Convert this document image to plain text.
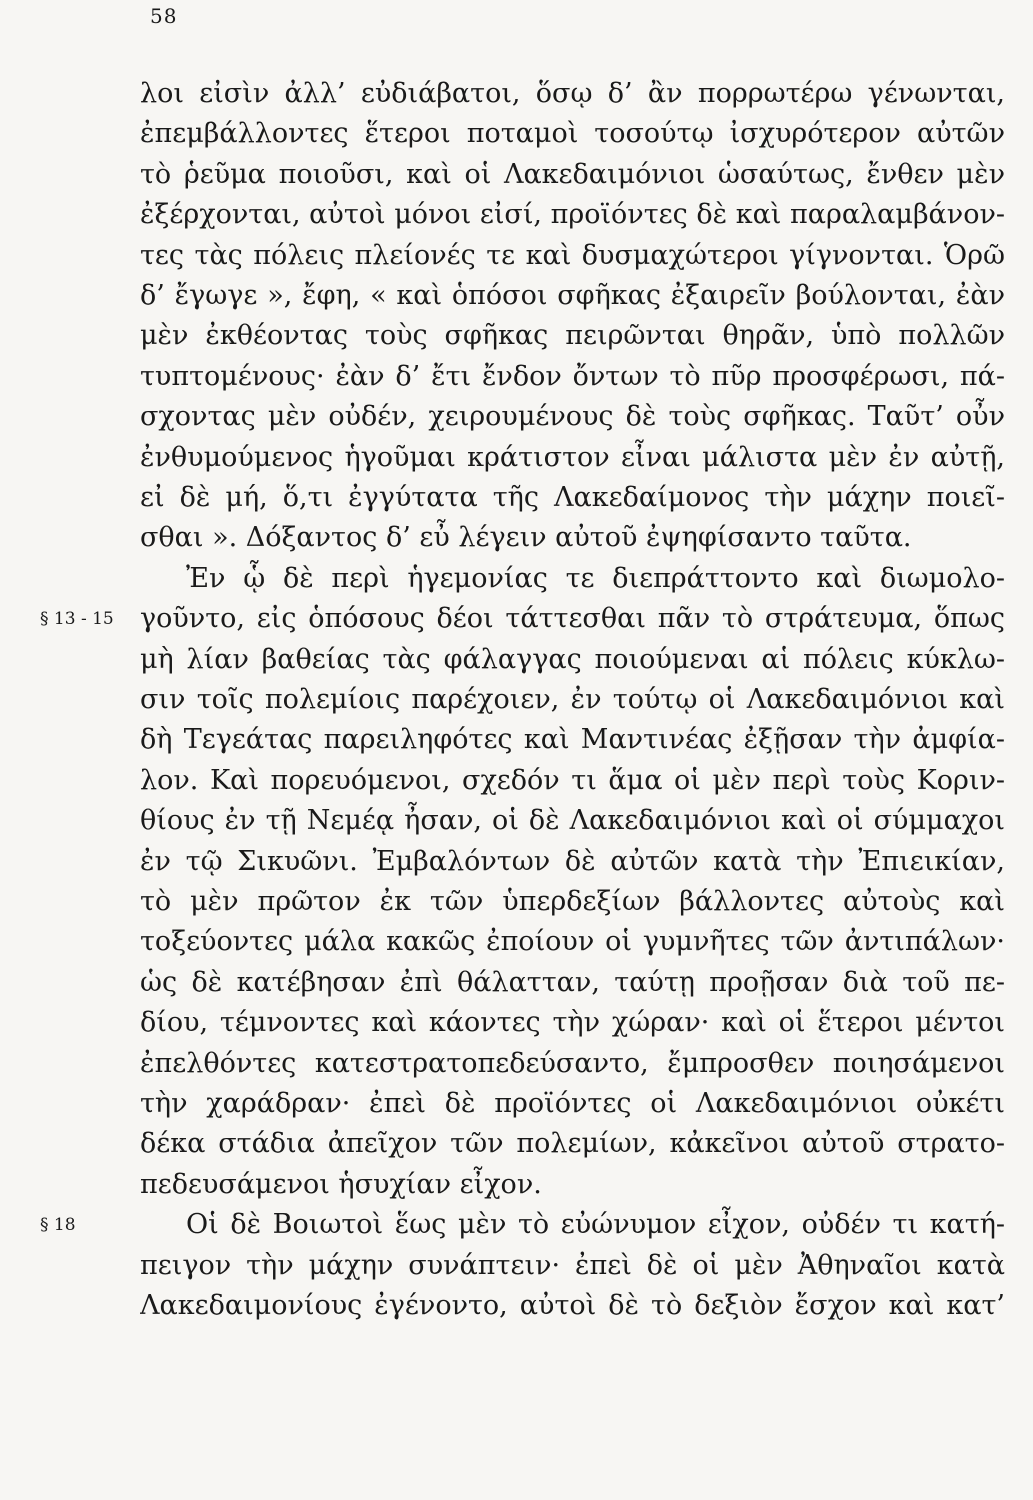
58
λοι εἰσὶν ἀλλ’ εὐδιάβατοι, ὅσῳ δ’ ἂν πορρωτέρω γένωνται,
ἐπεμβάλλοντες ἕτεροι ποταμοὶ τοσούτῳ ἰσχυρότερον αὐτῶν
τὸ ῥεῦμα ποιοῦσι, καὶ οἱ Λακεδαιμόνιοι ὡσαύτως, ἔνθεν μὲν
ἐξέρχονται, αὐτοὶ μόνοι εἰσί, προϊόντες δὲ καὶ παραλαμβάνον-
τες τὰς πόλεις πλείονές τε καὶ δυσμαχώτεροι γίγνονται. Ὁρῶ
δ’ ἔγωγε », ἔφη, « καὶ ὁπόσοι σφῆκας ἐξαιρεῖν βούλονται, ἐὰν
μὲν ἐκθέοντας τοὺς σφῆκας πειρῶνται θηρᾶν, ὑπὸ πολλῶν
τυπτομένους· ἐὰν δ’ ἔτι ἔνδον ὄντων τὸ πῦρ προσφέρωσι, πά-
σχοντας μὲν οὐδέν, χειρουμένους δὲ τοὺς σφῆκας. Ταῦτ’ οὖν
ἐνθυμούμενος ἡγοῦμαι κράτιστον εἶναι μάλιστα μὲν ἐν αὐτῇ,
εἰ δὲ μή, ὅ,τι ἐγγύτατα τῆς Λακεδαίμονος τὴν μάχην ποιεῖ-
σθαι ». Δόξαντος δ’ εὖ λέγειν αὐτοῦ ἐψηφίσαντο ταῦτα.
Ἐν ᾧ δὲ περὶ ἡγεμονίας τε διεπράττοντο καὶ διωμολο-
γοῦντο, εἰς ὁπόσους δέοι τάττεσθαι πᾶν τὸ στράτευμα, ὅπως
μὴ λίαν βαθείας τὰς φάλαγγας ποιούμεναι αἱ πόλεις κύκλω-
σιν τοῖς πολεμίοις παρέχοιεν, ἐν τούτῳ οἱ Λακεδαιμόνιοι καὶ
δὴ Τεγεάτας παρειληφότες καὶ Μαντινέας ἐξῇσαν τὴν ἀμφία-
λον. Καὶ πορευόμενοι, σχεδόν τι ἅμα οἱ μὲν περὶ τοὺς Κοριν-
θίους ἐν τῇ Νεμέᾳ ἦσαν, οἱ δὲ Λακεδαιμόνιοι καὶ οἱ σύμμαχοι
ἐν τῷ Σικυῶνι. Ἐμβαλόντων δὲ αὐτῶν κατὰ τὴν Ἐπιεικίαν,
τὸ μὲν πρῶτον ἐκ τῶν ὑπερδεξίων βάλλοντες αὐτοὺς καὶ
τοξεύοντες μάλα κακῶς ἐποίουν οἱ γυμνῆτες τῶν ἀντιπάλων·
ὡς δὲ κατέβησαν ἐπὶ θάλατταν, ταύτῃ προῇσαν διὰ τοῦ πε-
δίου, τέμνοντες καὶ κάοντες τὴν χώραν· καὶ οἱ ἕτεροι μέντοι
ἐπελθόντες κατεστρατοπεδεύσαντο, ἔμπροσθεν ποιησάμενοι
τὴν χαράδραν· ἐπεὶ δὲ προϊόντες οἱ Λακεδαιμόνιοι οὐκέτι
δέκα στάδια ἀπεῖχον τῶν πολεμίων, κἀκεῖνοι αὐτοῦ στρατο-
πεδευσάμενοι ἡσυχίαν εἶχον.
Οἱ δὲ Βοιωτοὶ ἕως μὲν τὸ εὐώνυμον εἶχον, οὐδέν τι κατή-
πειγον τὴν μάχην συνάπτειν· ἐπεὶ δὲ οἱ μὲν Ἀθηναῖοι κατὰ
Λακεδαιμονίους ἐγένοντο, αὐτοὶ δὲ τὸ δεξιὸν ἔσχον καὶ κατ’
§ 13 - 15
§ 18
